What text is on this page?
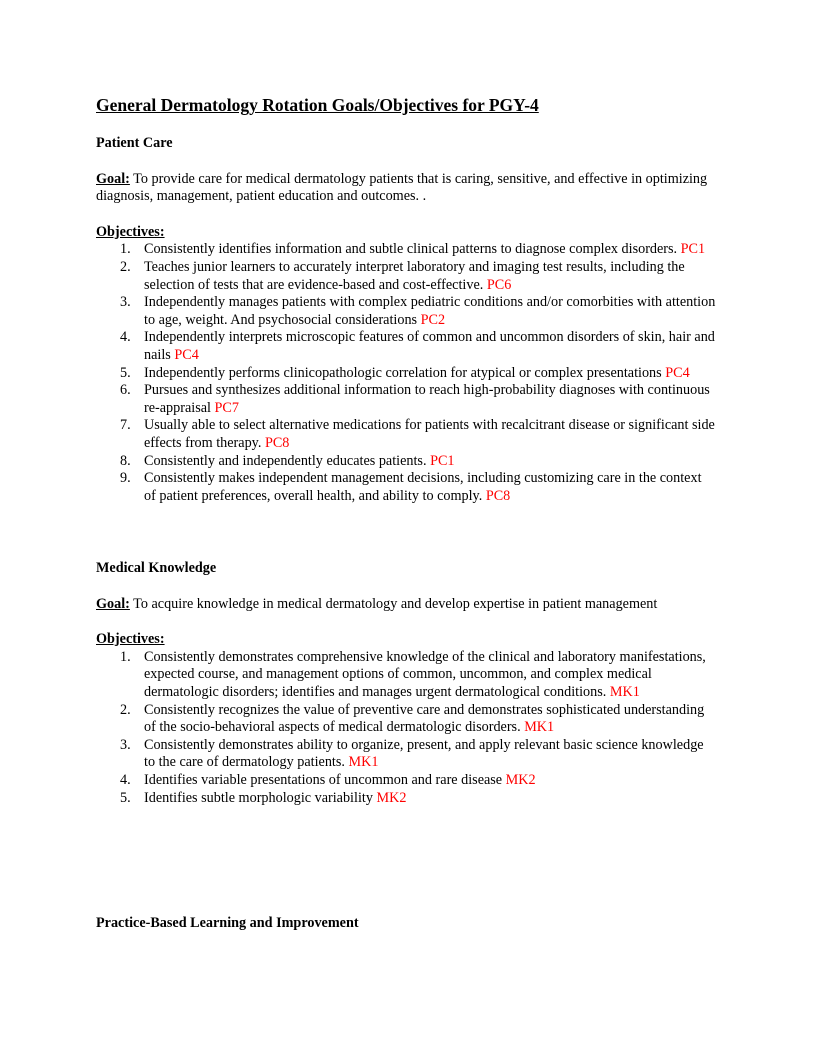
General Dermatology Rotation Goals/Objectives for PGY-4

Patient Care

Goal: To provide care for medical dermatology patients that is caring, sensitive, and effective in optimizing diagnosis, management, patient education and outcomes. .

Objectives:

1. Consistently identifies information and subtle clinical patterns to diagnose complex disorders. PC1
2. Teaches junior learners to accurately interpret laboratory and imaging test results, including the selection of tests that are evidence-based and cost-effective. PC6
3. Independently manages patients with complex pediatric conditions and/or comorbities with attention to age, weight. And psychosocial considerations PC2
4. Independently interprets microscopic features of common and uncommon disorders of skin, hair and nails PC4
5. Independently performs clinicopathologic correlation for atypical or complex presentations PC4
6. Pursues and synthesizes additional information to reach high-probability diagnoses with continuous re-appraisal PC7
7. Usually able to select alternative medications for patients with recalcitrant disease or significant side effects from therapy. PC8
8. Consistently and independently educates patients. PC1
9. Consistently makes independent management decisions, including customizing care in the context of patient preferences, overall health, and ability to comply. PC8

Medical Knowledge

Goal: To acquire knowledge in medical dermatology and develop expertise in patient management

Objectives:

1. Consistently demonstrates comprehensive knowledge of the clinical and laboratory manifestations, expected course, and management options of common, uncommon, and complex medical dermatologic disorders; identifies and manages urgent dermatological conditions. MK1
2. Consistently recognizes the value of preventive care and demonstrates sophisticated understanding of the socio-behavioral aspects of medical dermatologic disorders. MK1
3. Consistently demonstrates ability to organize, present, and apply relevant basic science knowledge to the care of dermatology patients. MK1
4. Identifies variable presentations of uncommon and rare disease MK2
5. Identifies subtle morphologic variability MK2

Practice-Based Learning and Improvement
